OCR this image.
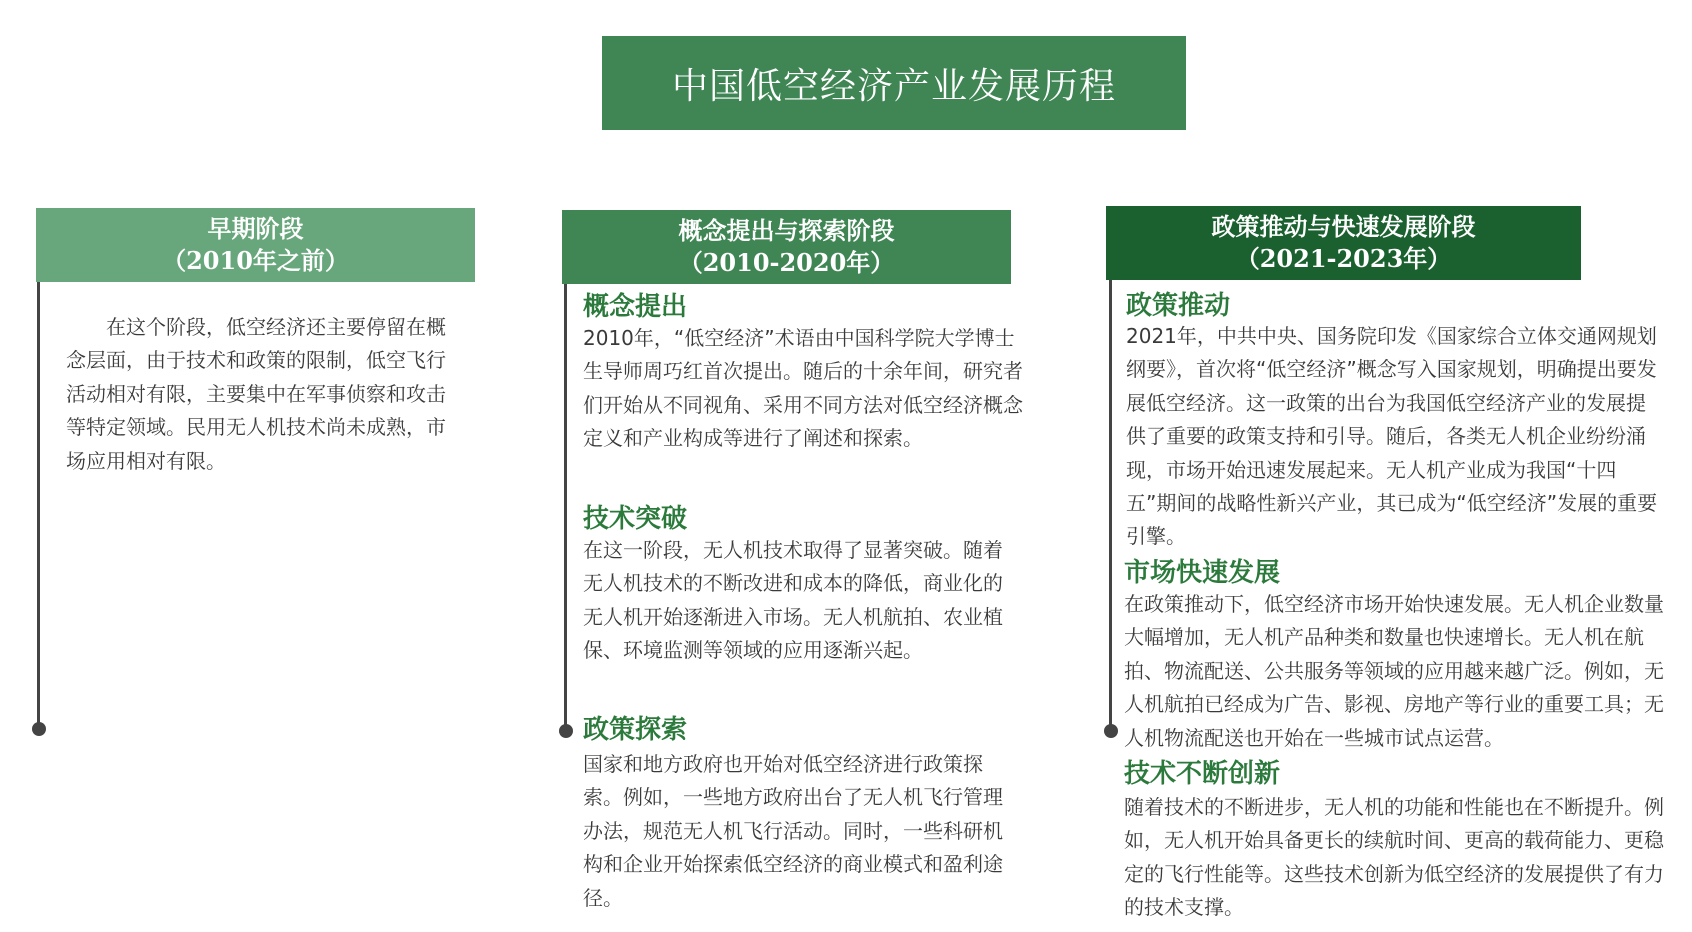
中国低空经济产业发展历程
早期阶段
（2010年之前）

　　在这个阶段，低空经济还主要停留在概念层面，由于技术和政策的限制，低空飞行活动相对有限，主要集中在军事侦察和攻击等特定领域。民用无人机技术尚未成熟，市场应用相对有限。

概念提出与探索阶段
（2010-2020年）
概念提出

2010年，“低空经济”术语由中国科学院大学博士生导师周巧红首次提出。随后的十余年间，研究者们开始从不同视角、采用不同方法对低空经济概念定义和产业构成等进行了阐述和探索。

技术突破

在这一阶段，无人机技术取得了显著突破。随着无人机技术的不断改进和成本的降低，商业化的无人机开始逐渐进入市场。无人机航拍、农业植保、环境监测等领域的应用逐渐兴起。

政策探索

国家和地方政府也开始对低空经济进行政策探索。例如，一些地方政府出台了无人机飞行管理办法，规范无人机飞行活动。同时，一些科研机构和企业开始探索低空经济的商业模式和盈利途径。

政策推动与快速发展阶段
（2021-2023年）
政策推动

2021年，中共中央、国务院印发《国家综合立体交通网规划纲要》，首次将“低空经济”概念写入国家规划，明确提出要发展低空经济。这一政策的出台为我国低空经济产业的发展提供了重要的政策支持和引导。随后，各类无人机企业纷纷涌现，市场开始迅速发展起来。无人机产业成为我国“十四五”期间的战略性新兴产业，其已成为“低空经济”发展的重要引擎。

市场快速发展

在政策推动下，低空经济市场开始快速发展。无人机企业数量大幅增加，无人机产品种类和数量也快速增长。无人机在航拍、物流配送、公共服务等领域的应用越来越广泛。例如，无人机航拍已经成为广告、影视、房地产等行业的重要工具；无人机物流配送也开始在一些城市试点运营。

技术不断创新

随着技术的不断进步，无人机的功能和性能也在不断提升。例如，无人机开始具备更长的续航时间、更高的载荷能力、更稳定的飞行性能等。这些技术创新为低空经济的发展提供了有力的技术支撑。
